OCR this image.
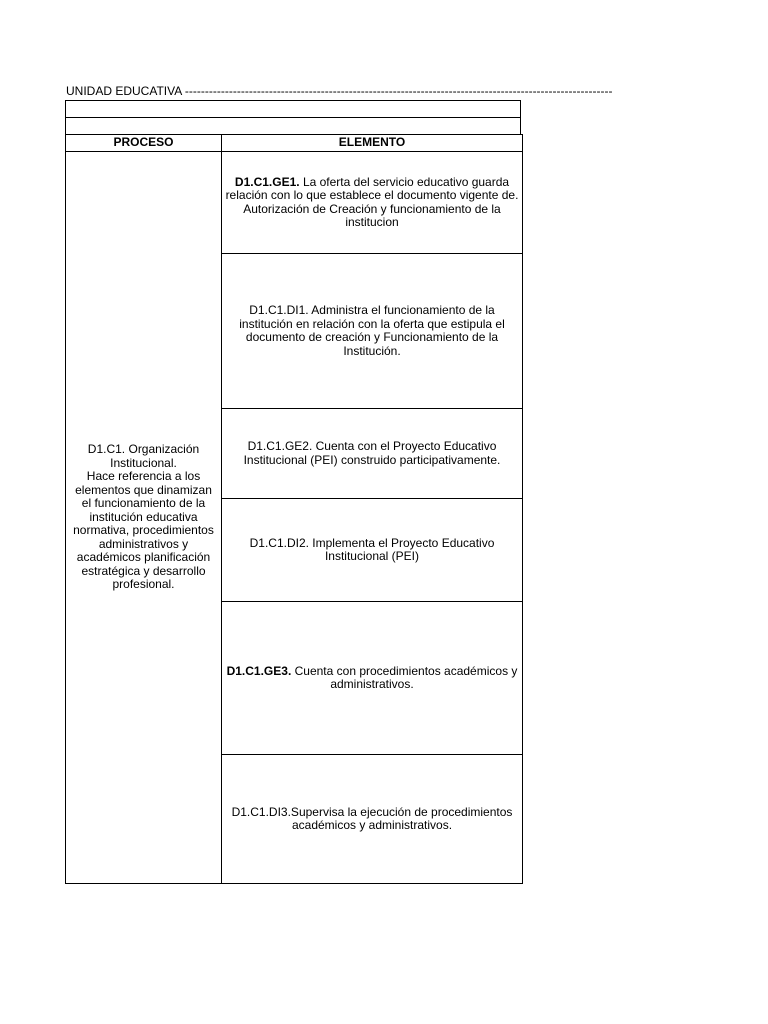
UNIDAD EDUCATIVA -----------------------------------------------------------------------------------------------------------
PROCESO	ELEMENTO
D1.C1. Organización Institucional.
Hace referencia a los elementos que dinamizan el funcionamiento de la institución educativa normativa, procedimientos administrativos y académicos planificación estratégica y desarrollo profesional.	D1.C1.GE1. La oferta del servicio educativo guarda relación con lo que establece el documento vigente de. Autorización de Creación y funcionamiento de la institucion
	D1.C1.DI1. Administra el funcionamiento de la institución en relación con la oferta que estipula el documento de creación y Funcionamiento de la Institución.
	D1.C1.GE2. Cuenta con el Proyecto Educativo Institucional (PEI) construido participativamente.
	D1.C1.DI2. Implementa el Proyecto Educativo Institucional (PEI)
	D1.C1.GE3. Cuenta con procedimientos académicos y administrativos.
	D1.C1.DI3.Supervisa la ejecución de procedimientos académicos y administrativos.
